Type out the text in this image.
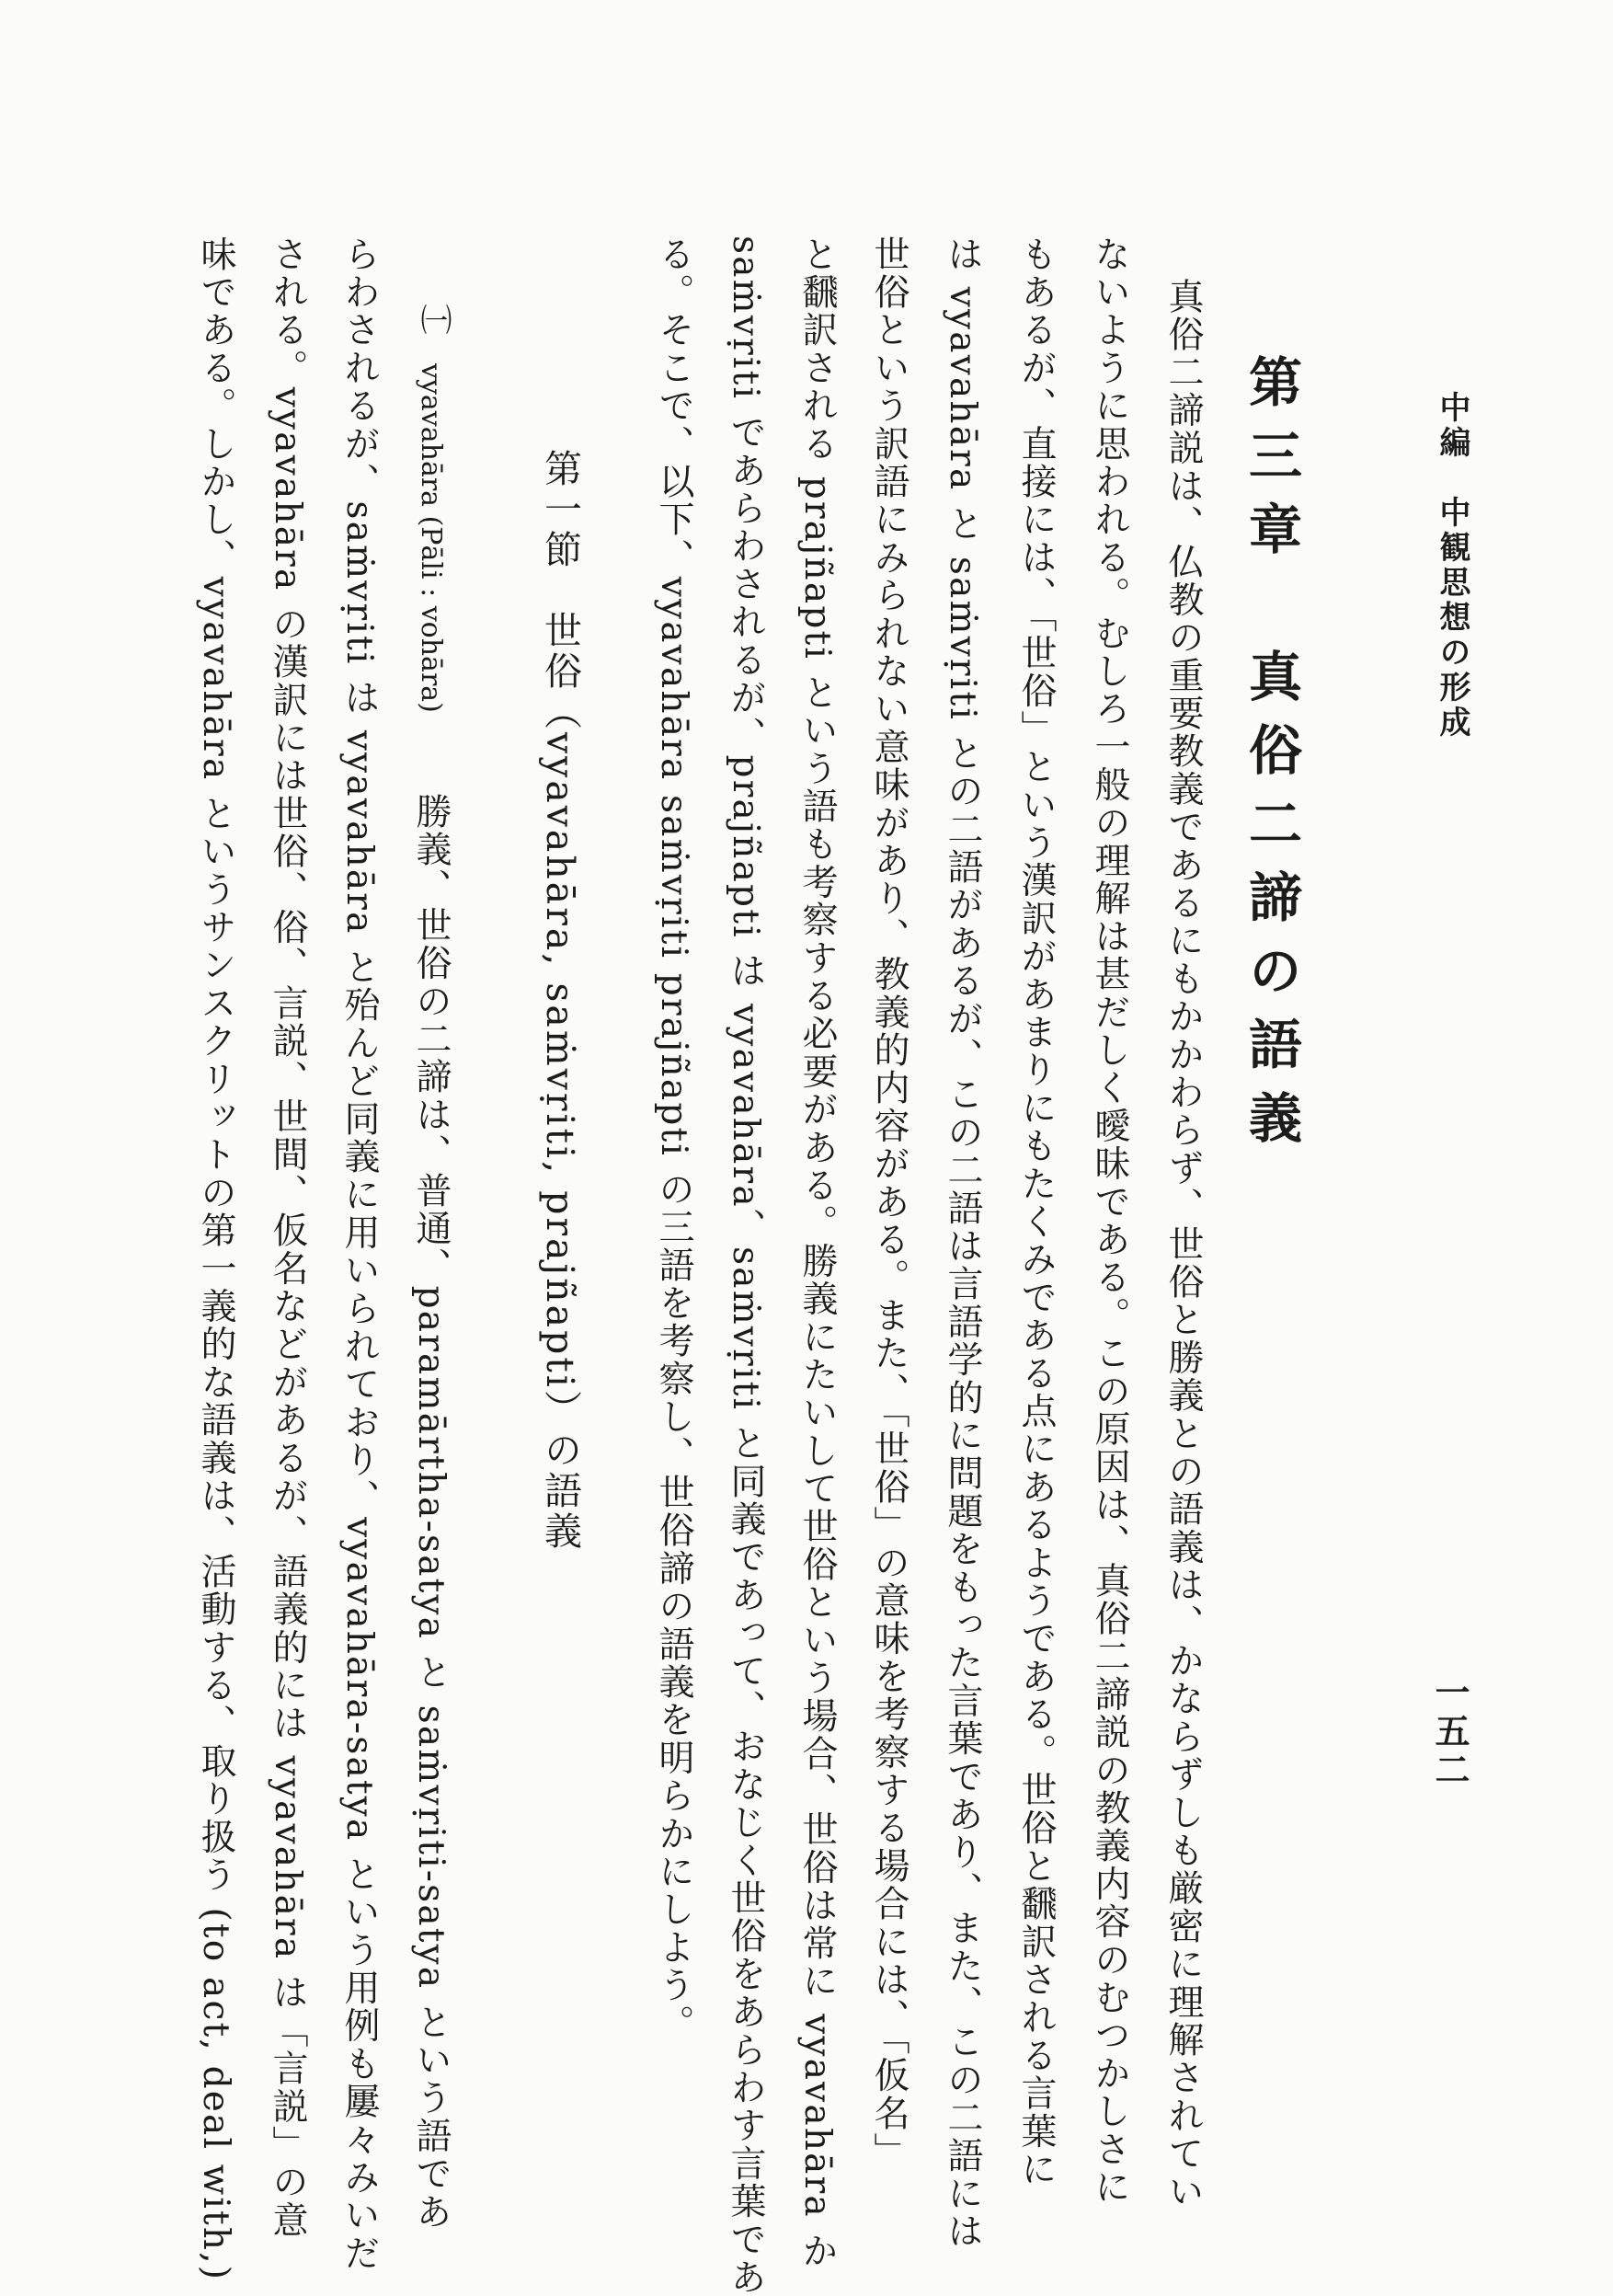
中編　中観思想の形成
一五二
第三章　真俗二諦の語義
真俗二諦説は、仏教の重要教義であるにもかかわらず、世俗と勝義との語義は、かならずしも厳密に理解されてい
ないように思われる。むしろ一般の理解は甚だしく曖昧である。この原因は、真俗二諦説の教義内容のむつかしさに
もあるが、直接には、「世俗」という漢訳があまりにもたくみである点にあるようである。世俗と飜訳される言葉に
は vyavahāra と saṁvṛiti との二語があるが、この二語は言語学的に問題をもった言葉であり、また、この二語には
世俗という訳語にみられない意味があり、教義的内容がある。また、「世俗」の意味を考察する場合には、「仮名」
と飜訳される prajñapti という語も考察する必要がある。勝義にたいして世俗という場合、世俗は常に vyavahāra か
saṁvṛiti であらわされるが、prajñapti は vyavahāra、saṁvṛiti と同義であって、おなじく世俗をあらわす言葉であ
る。そこで、以下、vyavahāra saṁvṛiti prajñapti の三語を考察し、世俗諦の語義を明らかにしよう。
第一節　世俗（vyavahāra, saṁvṛiti, prajñapti）の語義
㈠
vyavahāra (Pāli : vohāra)
勝義、世俗の二諦は、普通、paramārtha-satya と saṁvṛiti-satya という語であ
らわされるが、saṁvṛiti は vyavahāra と殆んど同義に用いられており、vyavahāra-satya という用例も屢々みいだ
される。vyavahāra の漢訳には世俗、俗、言説、世間、仮名などがあるが、語義的には vyavahāra は「言説」の意
味である。しかし、vyavahāra というサンスクリットの第一義的な語義は、活動する、取り扱う (to act, deal with,)
